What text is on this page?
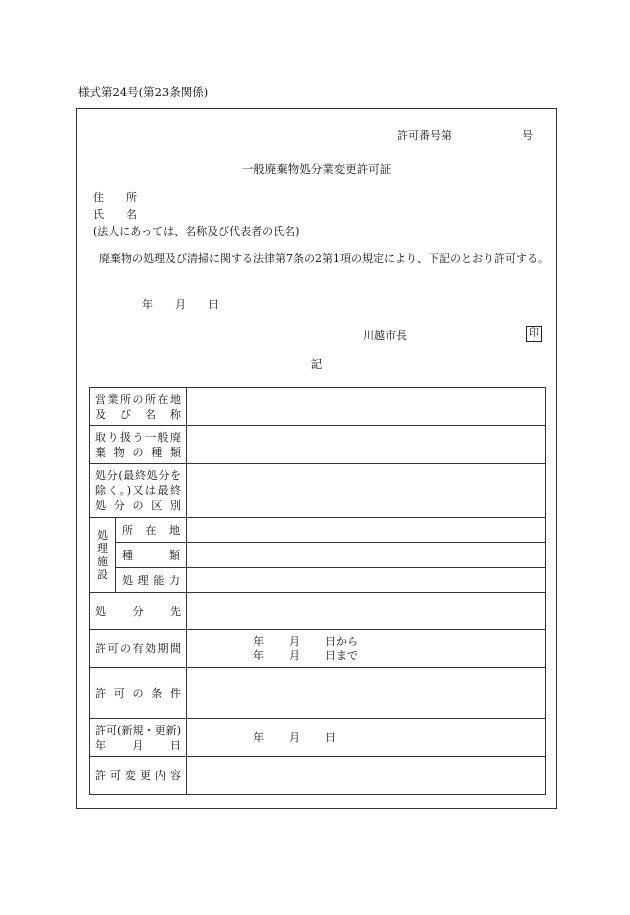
様式第24号(第23条関係)
許可番号第	号
一般廃棄物処分業変更許可証
住所
氏名
(法人にあっては、名称及び代表者の氏名)
廃棄物の処理及び清掃に関する法律第7条の2第1項の規定により、下記のとおり許可する。
年 月 日
川越市長	印
記
営業所の所在地及び名称		
取り扱う一般廃棄物の種類		
処分(最終処分を除く。)又は最終処分の区別		

処理施設	所在地	
	種類	
	処理能力	
処分先		
許可の有効期間		年 月 日から
年 月 日まで

許可の条件		
許可(新規・更新)年月日		年 月 日
許可変更内容		
